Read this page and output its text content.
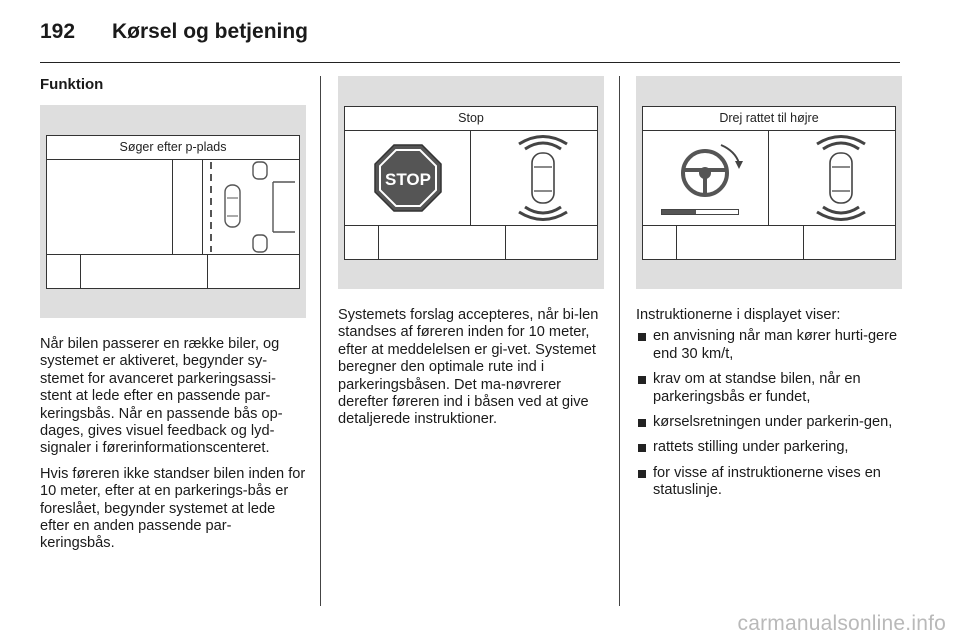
192 Kørsel og betjening
Funktion
Søger efter p-plads

Når bilen passerer en række biler, og systemet er aktiveret, begynder sy-stemet for avanceret parkeringsassi-stent at lede efter en passende par-keringsbås. Når en passende bås op-dages, gives visuel feedback og lyd-signaler i førerinformationscenteret.

Hvis føreren ikke standser bilen inden for 10 meter, efter at en parkerings-bås er foreslået, begynder systemet at lede efter en anden passende par-keringsbås.

Stop
STOP

Systemets forslag accepteres, når bi-len standses af føreren inden for 10 meter, efter at meddelelsen er gi-vet. Systemet beregner den optimale rute ind i parkeringsbåsen. Det ma-nøvrerer derefter føreren ind i båsen ved at give detaljerede instruktioner.

Drej rattet til højre

Instruktionerne i displayet viser:

en anvisning når man kører hurti-gere end 30 km/t,
krav om at standse bilen, når en parkeringsbås er fundet,
kørselsretningen under parkerin-gen,
rattets stilling under parkering,
for visse af instruktionerne vises en statuslinje.
carmanualsonline.info
